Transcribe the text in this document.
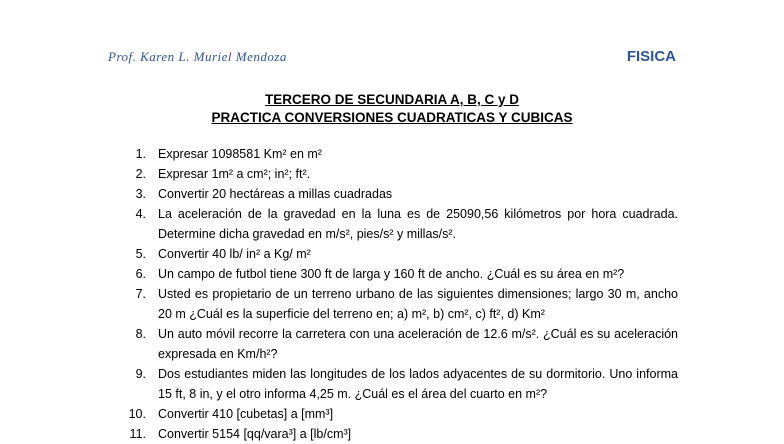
Prof. Karen L. Muriel Mendoza	FISICA
TERCERO DE SECUNDARIA A, B, C y D
PRACTICA CONVERSIONES CUADRATICAS Y CUBICAS
1. Expresar 1098581 Km² en m²
2. Expresar 1m² a cm²; in²; ft².
3. Convertir 20 hectáreas a millas cuadradas
4. La aceleración de la gravedad en la luna es de 25090,56 kilómetros por hora cuadrada. Determine dicha gravedad en m/s², pies/s² y millas/s².
5. Convertir 40 lb/ in² a Kg/ m²
6. Un campo de futbol tiene 300 ft de larga y 160 ft de ancho. ¿Cuál es su área en m²?
7. Usted es propietario de un terreno urbano de las siguientes dimensiones; largo 30 m, ancho 20 m ¿Cuál es la superficie del terreno en; a) m², b) cm², c) ft², d) Km²
8. Un auto móvil recorre la carretera con una aceleración de 12.6 m/s². ¿Cuál es su aceleración expresada en Km/h²?
9. Dos estudiantes miden las longitudes de los lados adyacentes de su dormitorio. Uno informa 15 ft, 8 in, y el otro informa 4,25 m. ¿Cuál es el área del cuarto en m²?
10. Convertir 410 [cubetas] a [mm³]
11. Convertir 5154 [qq/vara³] a [lb/cm³]
